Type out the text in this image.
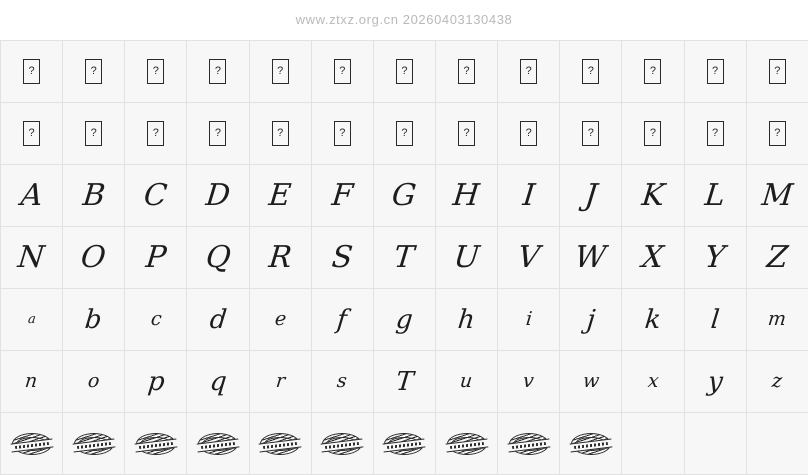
www.ztxz.org.cn 20260403130438
?	?	?	?	?	?	?	?	?	?	?	?	?
?	?	?	?	?	?	?	?	?	?	?	?	?
A B C D E F G H I J K L M
N O P Q R S T U V W X Y Z
a b c d e f g h	i j k l m
n	o p q r	s T u	v w x y z
